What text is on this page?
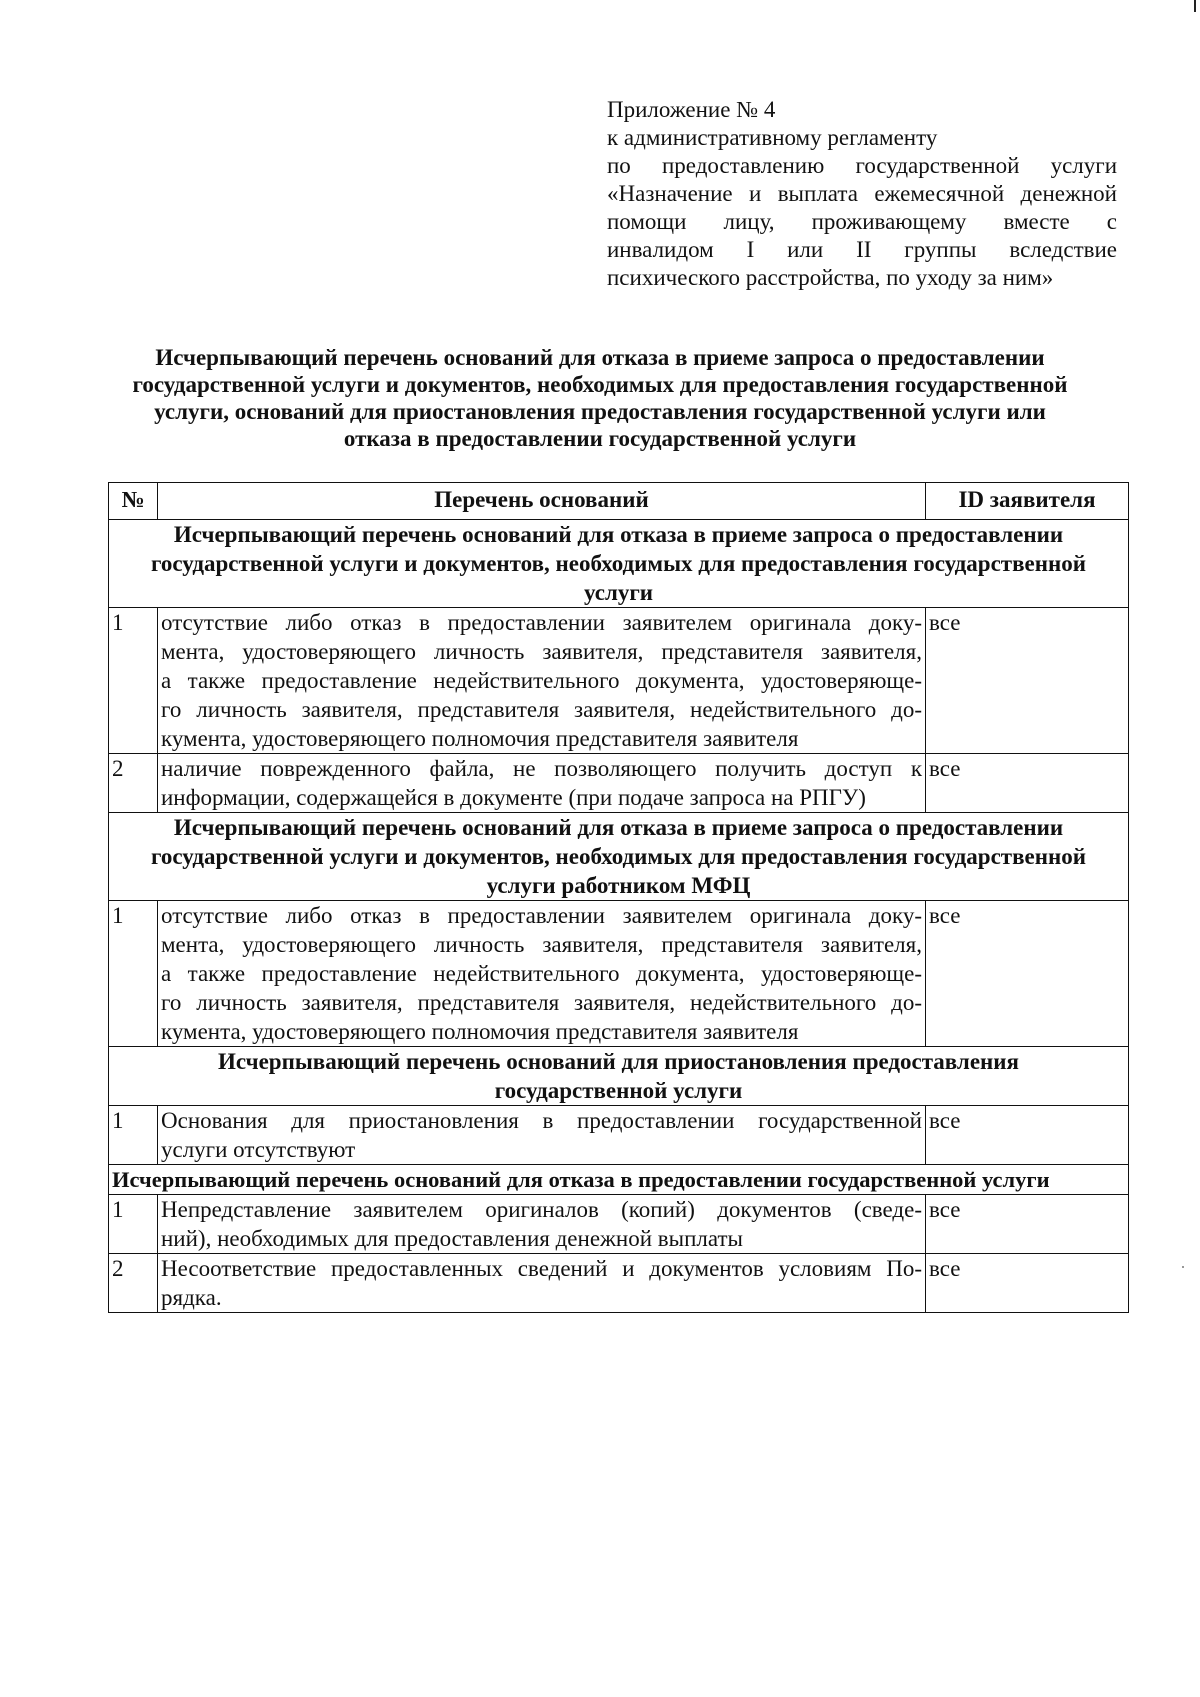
Приложение № 4
к административному регламенту
по предоставлению государственной услуги
«Назначение и выплата ежемесячной денежной
помощи лицу, проживающему вместе с
инвалидом I или II группы вследствие
психического расстройства, по уходу за ним»
Исчерпывающий перечень оснований для отказа в приеме запроса о предоставлении
государственной услуги и документов, необходимых для предоставления государственной
услуги, оснований для приостановления предоставления государственной услуги или
отказа в предоставлении государственной услуги
№	Перечень оснований	ID заявителя

Исчерпывающий перечень оснований для отказа в приеме запроса о предоставлении
государственной услуги и документов, необходимых для предоставления государственной
услуги		

1	отсутствие либо отказ в предоставлении заявителем оригинала доку-
мента, удостоверяющего личность заявителя, представителя заявителя,
а также предоставление недействительного документа, удостоверяюще-
го личность заявителя, представителя заявителя, недействительного до-
кумента, удостоверяющего полномочия представителя заявителя	все
2	наличие поврежденного файла, не позволяющего получить доступ к
информации, содержащейся в документе (при подаче запроса на РПГУ)	все

Исчерпывающий перечень оснований для отказа в приеме запроса о предоставлении
государственной услуги и документов, необходимых для предоставления государственной
услуги работником МФЦ		

1	отсутствие либо отказ в предоставлении заявителем оригинала доку-
мента, удостоверяющего личность заявителя, представителя заявителя,
а также предоставление недействительного документа, удостоверяюще-
го личность заявителя, представителя заявителя, недействительного до-
кумента, удостоверяющего полномочия представителя заявителя	все

Исчерпывающий перечень оснований для приостановления предоставления
государственной услуги		

1	Основания для приостановления в предоставлении государственной
услуги отсутствуют	все

Исчерпывающий перечень оснований для отказа в предоставлении государственной услуги		

1	Непредставление заявителем оригиналов (копий) документов (сведе-
ний), необходимых для предоставления денежной выплаты	все
2	Несоответствие предоставленных сведений и документов условиям По-
рядка.	все
